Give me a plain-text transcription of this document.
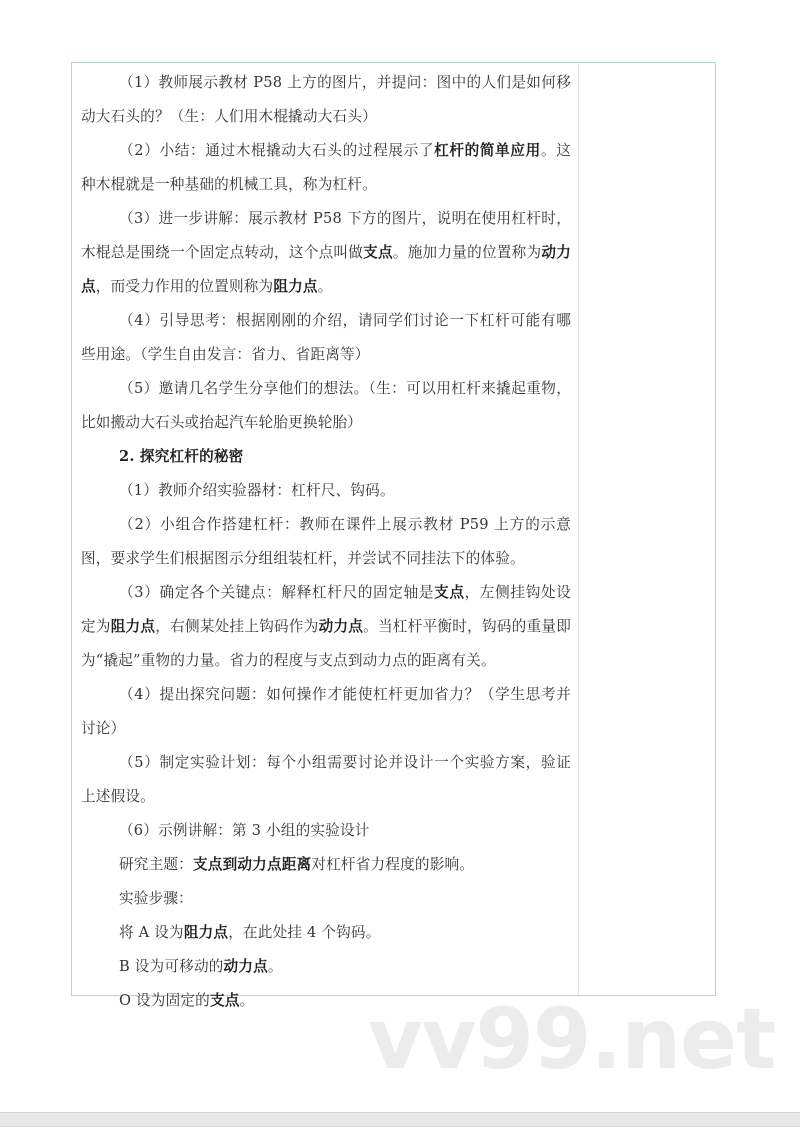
（1）教师展示教材 P58 上方的图片，并提问：图中的人们是如何移动大石头的？（生：人们用木棍撬动大石头）

（2）小结：通过木棍撬动大石头的过程展示了杠杆的简单应用。这种木棍就是一种基础的机械工具，称为杠杆。

（3）进一步讲解：展示教材 P58 下方的图片，说明在使用杠杆时，木棍总是围绕一个固定点转动，这个点叫做支点。施加力量的位置称为动力点，而受力作用的位置则称为阻力点。

（4）引导思考：根据刚刚的介绍，请同学们讨论一下杠杆可能有哪些用途。（学生自由发言：省力、省距离等）

（5）邀请几名学生分享他们的想法。（生：可以用杠杆来撬起重物，比如搬动大石头或抬起汽车轮胎更换轮胎）

2. 探究杠杆的秘密

（1）教师介绍实验器材：杠杆尺、钩码。

（2）小组合作搭建杠杆：教师在课件上展示教材 P59 上方的示意图，要求学生们根据图示分组组装杠杆，并尝试不同挂法下的体验。

（3）确定各个关键点：解释杠杆尺的固定轴是支点，左侧挂钩处设定为阻力点，右侧某处挂上钩码作为动力点。当杠杆平衡时，钩码的重量即为“撬起”重物的力量。省力的程度与支点到动力点的距离有关。

（4）提出探究问题：如何操作才能使杠杆更加省力？（学生思考并讨论）

（5）制定实验计划：每个小组需要讨论并设计一个实验方案，验证上述假设。

（6）示例讲解：第 3 小组的实验设计

研究主题：支点到动力点距离对杠杆省力程度的影响。

实验步骤：

将 A 设为阻力点，在此处挂 4 个钩码。

B 设为可移动的动力点。

O 设为固定的支点。	vv99.net
